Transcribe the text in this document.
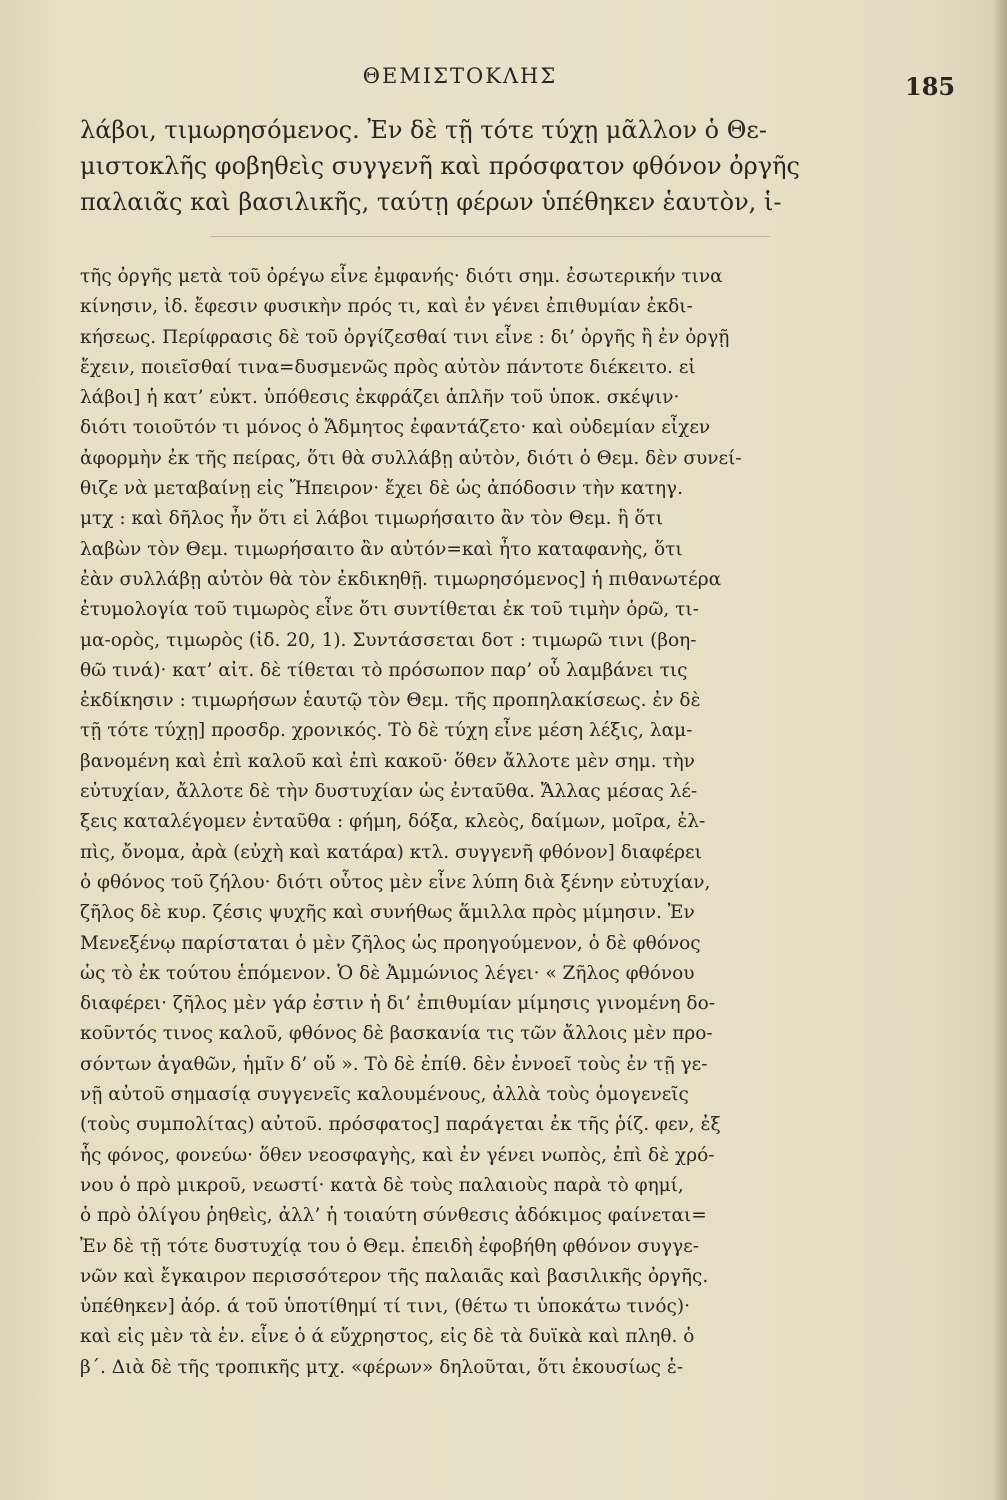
ΘΕΜΙΣΤΟΚΛΗΣ	185
λάβοι, τιμωρησόμενος. Ἐν δὲ τῇ τότε τύχῃ μᾶλλον ὁ Θε-
μιστοκλῆς φοβηθεὶς συγγενῆ καὶ πρόσφατον φθόνον ὀργῆς
παλαιᾶς καὶ βασιλικῆς, ταύτῃ φέρων ὑπέθηκεν ἑαυτὸν, ἱ-
τῆς ὀργῆς μετὰ τοῦ ὀρέγω εἶνε ἐμφανής· διότι σημ. ἐσωτερικήν τινα
κίνησιν, ἰδ. ἔφεσιν φυσικὴν πρός τι, καὶ ἐν γένει ἐπιθυμίαν ἐκδι-
κήσεως. Περίφρασις δὲ τοῦ ὀργίζεσθαί τινι εἶνε : δι’ ὀργῆς ἢ ἐν ὀργῇ
ἔχειν, ποιεῖσθαί τινα=δυσμενῶς πρὸς αὐτὸν πάντοτε διέκειτο. εἰ
λάβοι] ἡ κατ’ εὐκτ. ὑπόθεσις ἐκφράζει ἁπλῆν τοῦ ὑποκ. σκέψιν·
διότι τοιοῦτόν τι μόνος ὁ Ἄδμητος ἐφαντάζετο· καὶ οὐδεμίαν εἶχεν
ἀφορμὴν ἐκ τῆς πείρας, ὅτι θὰ συλλάβῃ αὐτὸν, διότι ὁ Θεμ. δὲν συνεί-
θιζε νὰ μεταβαίνῃ εἰς Ἤπειρον· ἔχει δὲ ὡς ἀπόδοσιν τὴν κατηγ.
μτχ : καὶ δῆλος ἦν ὅτι εἰ λάβοι τιμωρήσαιτο ἂν τὸν Θεμ. ἢ ὅτι
λαβὼν τὸν Θεμ. τιμωρήσαιτο ἂν αὐτόν=καὶ ἦτο καταφανὴς, ὅτι
ἐὰν συλλάβῃ αὐτὸν θὰ τὸν ἐκδικηθῇ. τιμωρησόμενος] ἡ πιθανωτέρα
ἐτυμολογία τοῦ τιμωρὸς εἶνε ὅτι συντίθεται ἐκ τοῦ τιμὴν ὁρῶ, τι-
μα-ορὸς, τιμωρὸς (ἰδ. 20, 1). Συντάσσεται δοτ : τιμωρῶ τινι (βοη-
θῶ τινά)· κατ’ αἰτ. δὲ τίθεται τὸ πρόσωπον παρ’ οὗ λαμβάνει τις
ἐκδίκησιν : τιμωρήσων ἑαυτῷ τὸν Θεμ. τῆς προπηλακίσεως. ἐν δὲ
τῇ τότε τύχῃ] προσδρ. χρονικός. Τὸ δὲ τύχη εἶνε μέση λέξις, λαμ-
βανομένη καὶ ἐπὶ καλοῦ καὶ ἐπὶ κακοῦ· ὅθεν ἄλλοτε μὲν σημ. τὴν
εὐτυχίαν, ἄλλοτε δὲ τὴν δυστυχίαν ὡς ἐνταῦθα. Ἄλλας μέσας λέ-
ξεις καταλέγομεν ἐνταῦθα : φήμη, δόξα, κλεὸς, δαίμων, μοῖρα, ἐλ-
πὶς, ὄνομα, ἀρὰ (εὐχὴ καὶ κατάρα) κτλ. συγγενῆ φθόνον] διαφέρει
ὁ φθόνος τοῦ ζήλου· διότι οὗτος μὲν εἶνε λύπη διὰ ξένην εὐτυχίαν,
ζῆλος δὲ κυρ. ζέσις ψυχῆς καὶ συνήθως ἅμιλλα πρὸς μίμησιν. Ἐν
Μενεξένῳ παρίσταται ὁ μὲν ζῆλος ὡς προηγούμενον, ὁ δὲ φθόνος
ὡς τὸ ἐκ τούτου ἑπόμενον. Ὁ δὲ Ἀμμώνιος λέγει· « Ζῆλος φθόνου
διαφέρει· ζῆλος μὲν γάρ ἐστιν ἡ δι’ ἐπιθυμίαν μίμησις γινομένη δο-
κοῦντός τινος καλοῦ, φθόνος δὲ βασκανία τις τῶν ἄλλοις μὲν προ-
σόντων ἀγαθῶν, ἡμῖν δ’ οὔ ». Τὸ δὲ ἐπίθ. δὲν ἐννοεῖ τοὺς ἐν τῇ γε-
νῇ αὐτοῦ σημασίᾳ συγγενεῖς καλουμένους, ἀλλὰ τοὺς ὁμογενεῖς
(τοὺς συμπολίτας) αὐτοῦ. πρόσφατος] παράγεται ἐκ τῆς ῥίζ. φεν, ἐξ
ἧς φόνος, φονεύω· ὅθεν νεοσφαγὴς, καὶ ἐν γένει νωπὸς, ἐπὶ δὲ χρό-
νου ὁ πρὸ μικροῦ, νεωστί· κατὰ δὲ τοὺς παλαιοὺς παρὰ τὸ φημί,
ὁ πρὸ ὀλίγου ῥηθεὶς, ἀλλ’ ἡ τοιαύτη σύνθεσις ἀδόκιμος φαίνεται=
Ἐν δὲ τῇ τότε δυστυχίᾳ του ὁ Θεμ. ἐπειδὴ ἐφοβήθη φθόνον συγγε-
νῶν καὶ ἔγκαιρον περισσότερον τῆς παλαιᾶς καὶ βασιλικῆς ὀργῆς.
ὑπέθηκεν] ἀόρ. ά τοῦ ὑποτίθημί τί τινι, (θέτω τι ὑποκάτω τινός)·
καὶ εἰς μὲν τὰ ἑν. εἶνε ὁ ά εὔχρηστος, εἰς δὲ τὰ δυϊκὰ καὶ πληθ. ὁ
β΄. Διὰ δὲ τῆς τροπικῆς μτχ. «φέρων» δηλοῦται, ὅτι ἑκουσίως ἑ-
